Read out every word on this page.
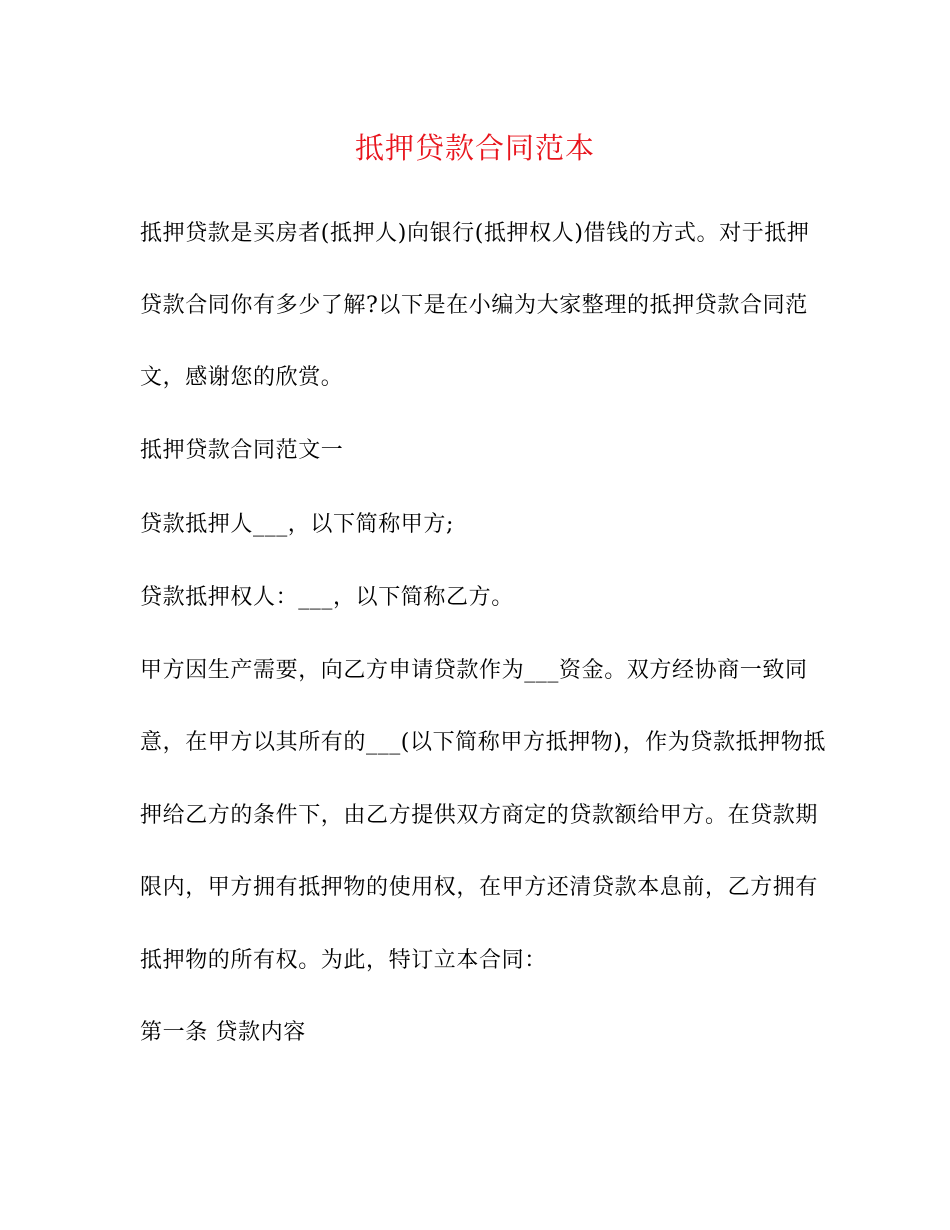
抵押贷款合同范本
抵押贷款是买房者(抵押人)向银行(抵押权人)借钱的方式。对于抵押
贷款合同你有多少了解?以下是在小编为大家整理的抵押贷款合同范
文，感谢您的欣赏。
抵押贷款合同范文一
贷款抵押人___，以下简称甲方;
贷款抵押权人：___，以下简称乙方。
甲方因生产需要，向乙方申请贷款作为___资金。双方经协商一致同
意，在甲方以其所有的___(以下简称甲方抵押物)，作为贷款抵押物抵
押给乙方的条件下，由乙方提供双方商定的贷款额给甲方。在贷款期
限内，甲方拥有抵押物的使用权，在甲方还清贷款本息前，乙方拥有
抵押物的所有权。为此，特订立本合同：
第一条 贷款内容
